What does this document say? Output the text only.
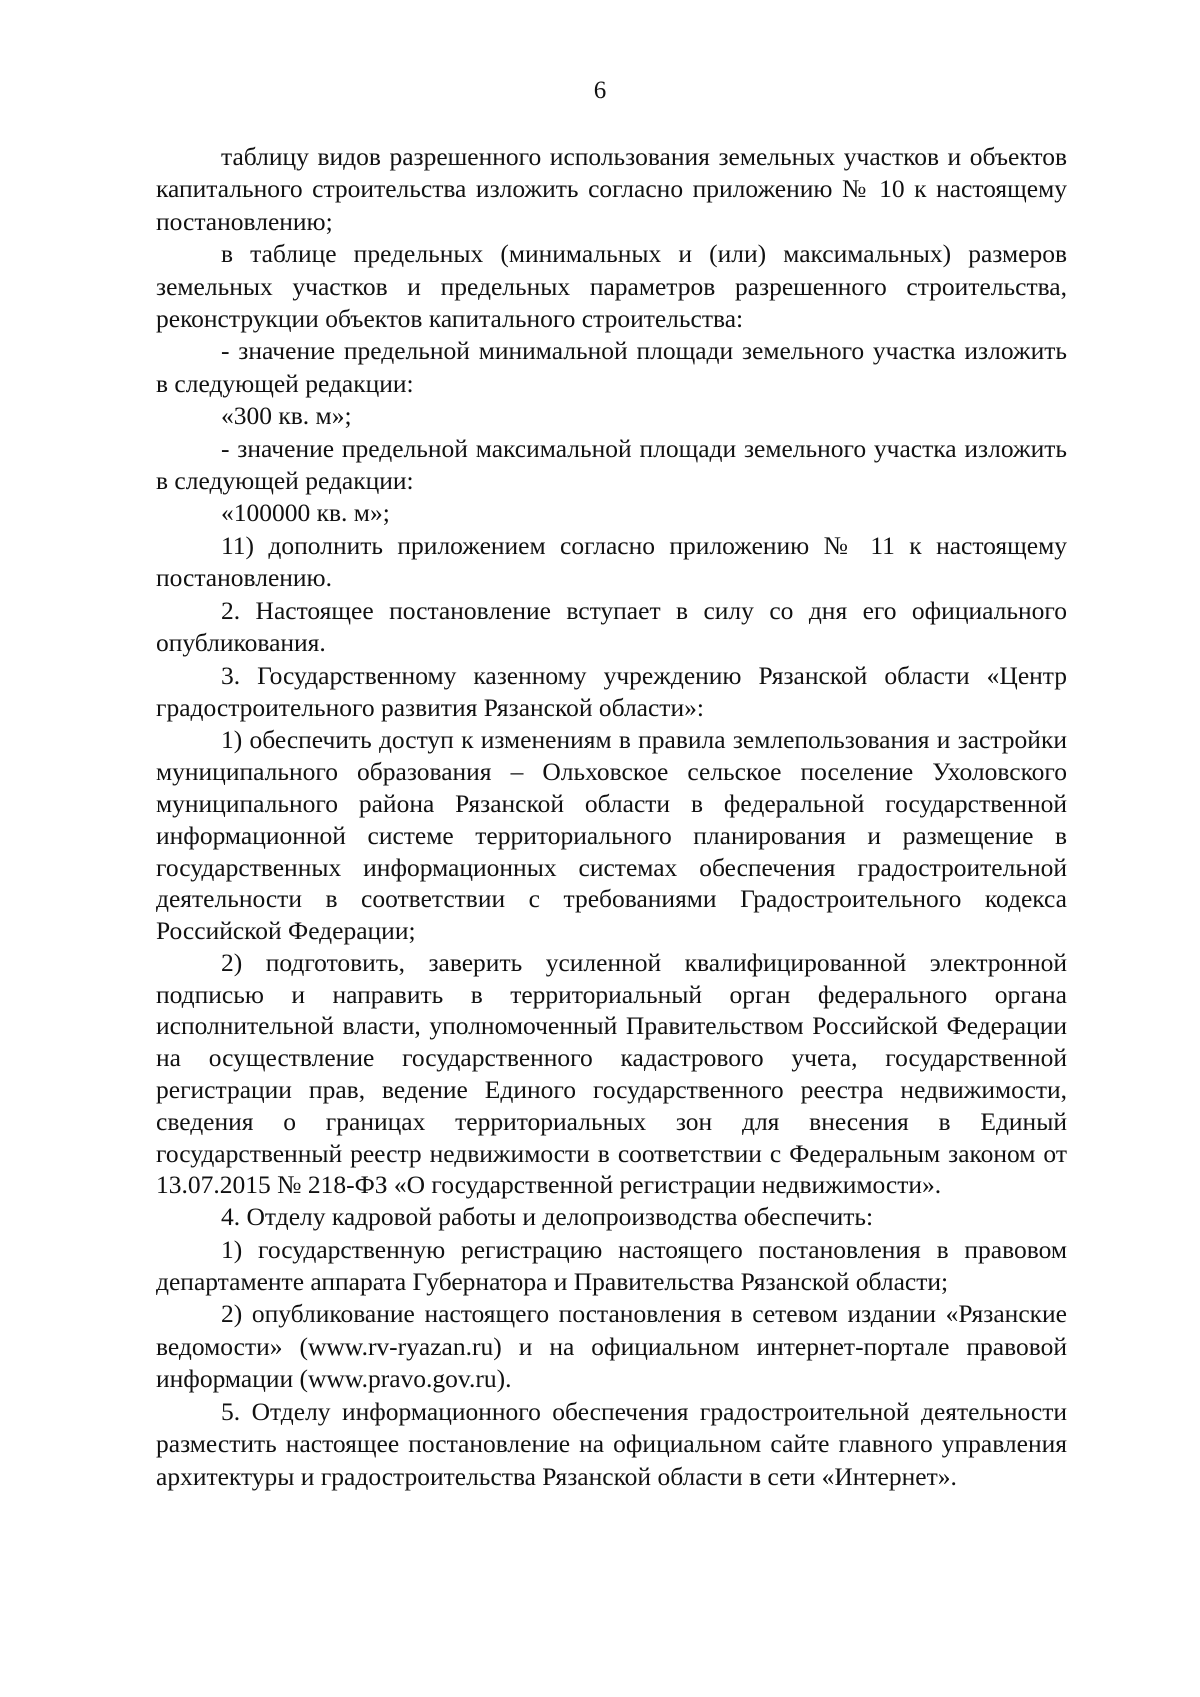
6

таблицу видов разрешенного использования земельных участков и объектов капитального строительства изложить согласно приложению № 10 к настоящему постановлению;

в таблице предельных (минимальных и (или) максимальных) размеров земельных участков и предельных параметров разрешенного строительства, реконструкции объектов капитального строительства:

- значение предельной минимальной площади земельного участка изложить в следующей редакции:

«300 кв. м»;

- значение предельной максимальной площади земельного участка изложить в следующей редакции:

«100000 кв. м»;

11) дополнить приложением согласно приложению № 11 к настоящему постановлению.

2. Настоящее постановление вступает в силу со дня его официального опубликования.

3. Государственному казенному учреждению Рязанской области «Центр градостроительного развития Рязанской области»:

1) обеспечить доступ к изменениям в правила землепользования и застройки муниципального образования – Ольховское сельское поселение Ухоловского муниципального района Рязанской области в федеральной государственной информационной системе территориального планирования и размещение в государственных информационных системах обеспечения градостроительной деятельности в соответствии с требованиями Градостроительного кодекса Российской Федерации;

2) подготовить, заверить усиленной квалифицированной электронной подписью и направить в территориальный орган федерального органа исполнительной власти, уполномоченный Правительством Российской Федерации на осуществление государственного кадастрового учета, государственной регистрации прав, ведение Единого государственного реестра недвижимости, сведения о границах территориальных зон для внесения в Единый государственный реестр недвижимости в соответствии с Федеральным законом от 13.07.2015 № 218-ФЗ «О государственной регистрации недвижимости».

4. Отделу кадровой работы и делопроизводства обеспечить:

1) государственную регистрацию настоящего постановления в правовом департаменте аппарата Губернатора и Правительства Рязанской области;

2) опубликование настоящего постановления в сетевом издании «Рязанские ведомости» (www.rv-ryazan.ru) и на официальном интернет-портале правовой информации (www.pravo.gov.ru).

5. Отделу информационного обеспечения градостроительной деятельности разместить настоящее постановление на официальном сайте главного управления архитектуры и градостроительства Рязанской области в сети «Интернет».
